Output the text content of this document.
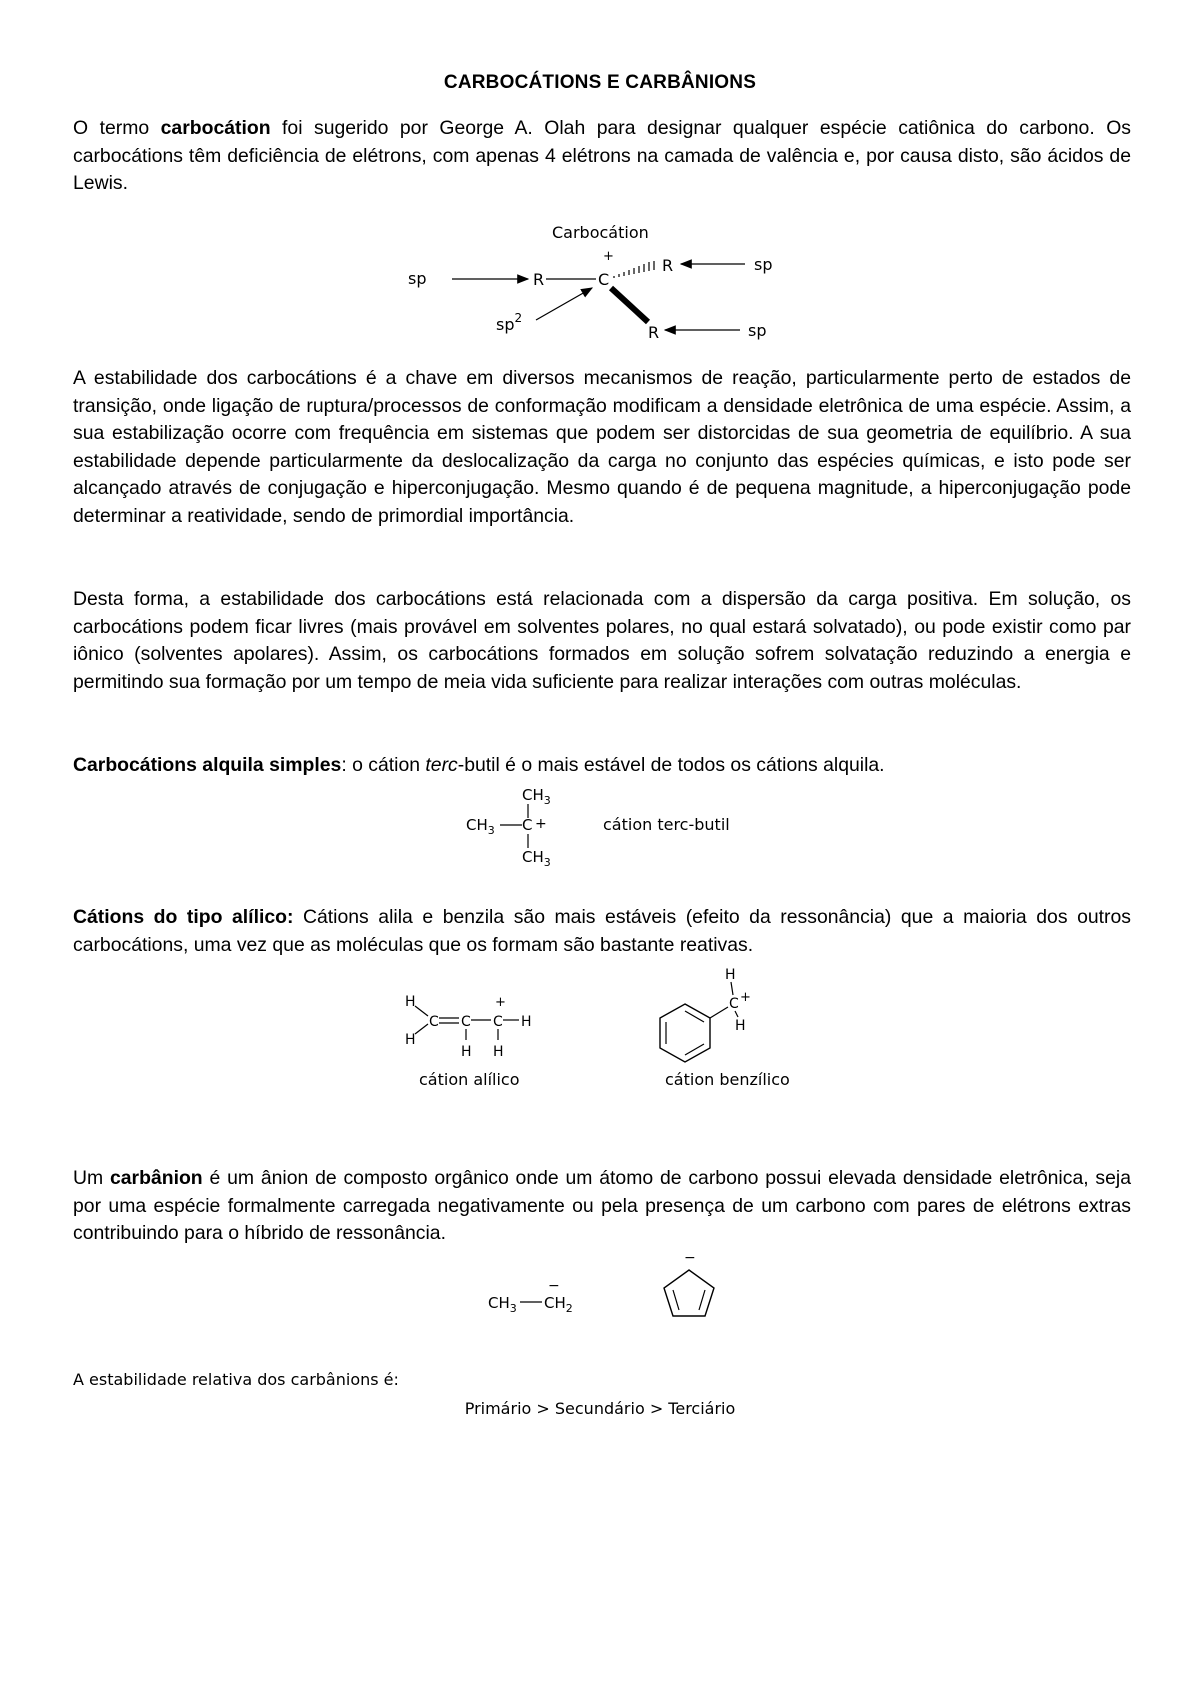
CARBOCÁTIONS E CARBÂNIONS
O termo carbocátion foi sugerido por George A. Olah para designar qualquer espécie catiônica do carbono. Os carbocátions têm deficiência de elétrons, com apenas 4 elétrons na camada de valência e, por causa disto, são ácidos de Lewis.
Carbocátion
sp	R	C
+	R	sp
R	sp
$sp^2$
A estabilidade dos carbocátions é a chave em diversos mecanismos de reação, particularmente perto de estados de transição, onde ligação de ruptura/processos de conformação modificam a densidade eletrônica de uma espécie. Assim, a sua estabilização ocorre com frequência em sistemas que podem ser distorcidas de sua geometria de equilíbrio. A sua estabilidade depende particularmente da deslocalização da carga no conjunto das espécies químicas, e isto pode ser alcançado através de conjugação e hiperconjugação. Mesmo quando é de pequena magnitude, a hiperconjugação pode determinar a reatividade, sendo de primordial importância.
Desta forma, a estabilidade dos carbocátions está relacionada com a dispersão da carga positiva. Em solução, os carbocátions podem ficar livres (mais provável em solventes polares, no qual estará solvatado), ou pode existir como par iônico (solventes apolares). Assim, os carbocátions formados em solução sofrem solvatação reduzindo a energia e permitindo sua formação por um tempo de meia vida suficiente para realizar interações com outras moléculas.
Carbocátions alquila simples: o cátion terc-butil é o mais estável de todos os cátions alquila.
$CH_3$
$CH_3$ C +
$CH_3$
cátion terc-butil
Cátions do tipo alílico: Cátions alila e benzila são mais estáveis (efeito da ressonância) que a maioria dos outros carbocátions, uma vez que as moléculas que os formam são bastante reativas.
H
H
C C C
+
H
H H
cátion alílico
C +
H
H
cátion benzílico
Um carbânion é um ânion de composto orgânico onde um átomo de carbono possui elevada densidade eletrônica, seja por uma espécie formalmente carregada negativamente ou pela presença de um carbono com pares de elétrons extras contribuindo para o híbrido de ressonância.
$CH_3$ $CH_2$
−
−
A estabilidade relativa dos carbânions é:
Primário > Secundário > Terciário
